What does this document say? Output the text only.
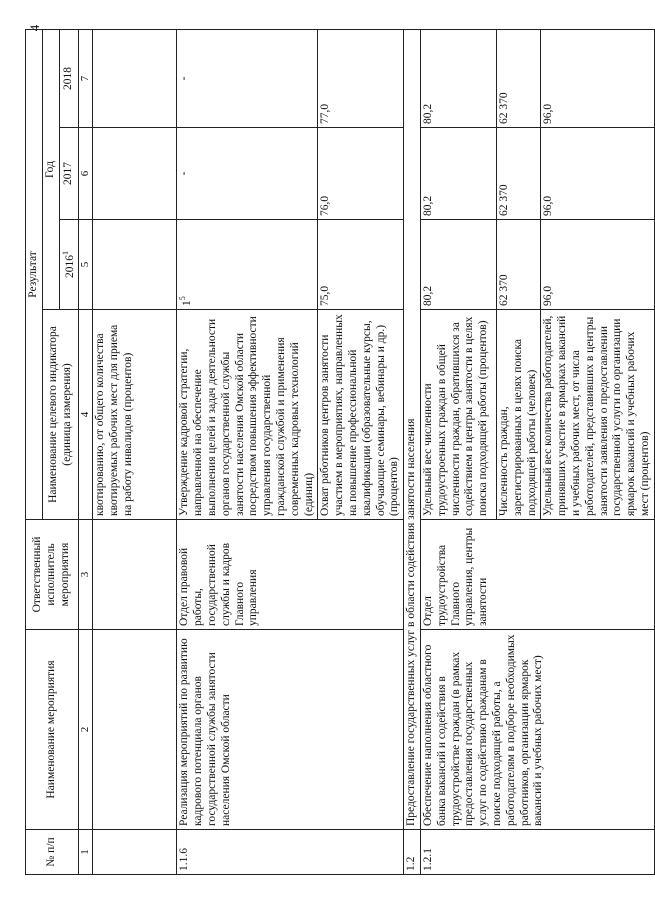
4
№ п/п	Наименование мероприятия	Ответственный исполнитель мероприятия	Результат			
			Наименование целевого индикатора (единица измерения)	Год		
				2016$^1$	2017	2018
1	2	3	4	5	6	7
			квотированию, от общего количества квотируемых рабочих мест для приема на работу инвалидов (процентов)			
1.1.6	Реализация мероприятий по развитию кадрового потенциала органов государственной службы занятости населения Омской области	Отдел правовой работы, государственной службы и кадров Главного управления	Утверждение кадровой стратегии, направленной на обеспечение выполнения целей и задач деятельности органов государственной службы занятости населения Омской области посредством повышения эффективности управления государственной гражданской службой и применения современных кадровых технологий (единиц)	$1^5$	-	-
			Охват работников центров занятости участием в мероприятиях, направленных на повышение профессиональной квалификации (образовательные курсы, обучающие семинары, вебинары и др.) (процентов)	75,0	76,0	77,0
1.2	Предоставление государственных услуг в области содействия занятости населения					
1.2.1	Обеспечение наполнения областного банка вакансий и содействия в трудоустройстве граждан (в рамках предоставления государственных услуг по содействию гражданам в поиске подходящей работы, а работодателям в подборе необходимых работников, организации ярмарок вакансий и учебных рабочих мест)	Отдел трудоустройства Главного управления, центры занятости	Удельный вес численности трудоустроенных граждан в общей численности граждан, обратившихся за содействием в центры занятости в целях поиска подходящей работы (процентов)	80,2	80,2	80,2
			Численность граждан, зарегистрированных в целях поиска подходящей работы (человек)	62 370	62 370	62 370
			Удельный вес количества работодателей, принявших участие в ярмарках вакансий и учебных рабочих мест, от числа работодателей, представивших в центры занятости заявления о предоставлении государственной услуги по организации ярмарок вакансий и учебных рабочих мест (процентов)	96,0	96,0	96,0
